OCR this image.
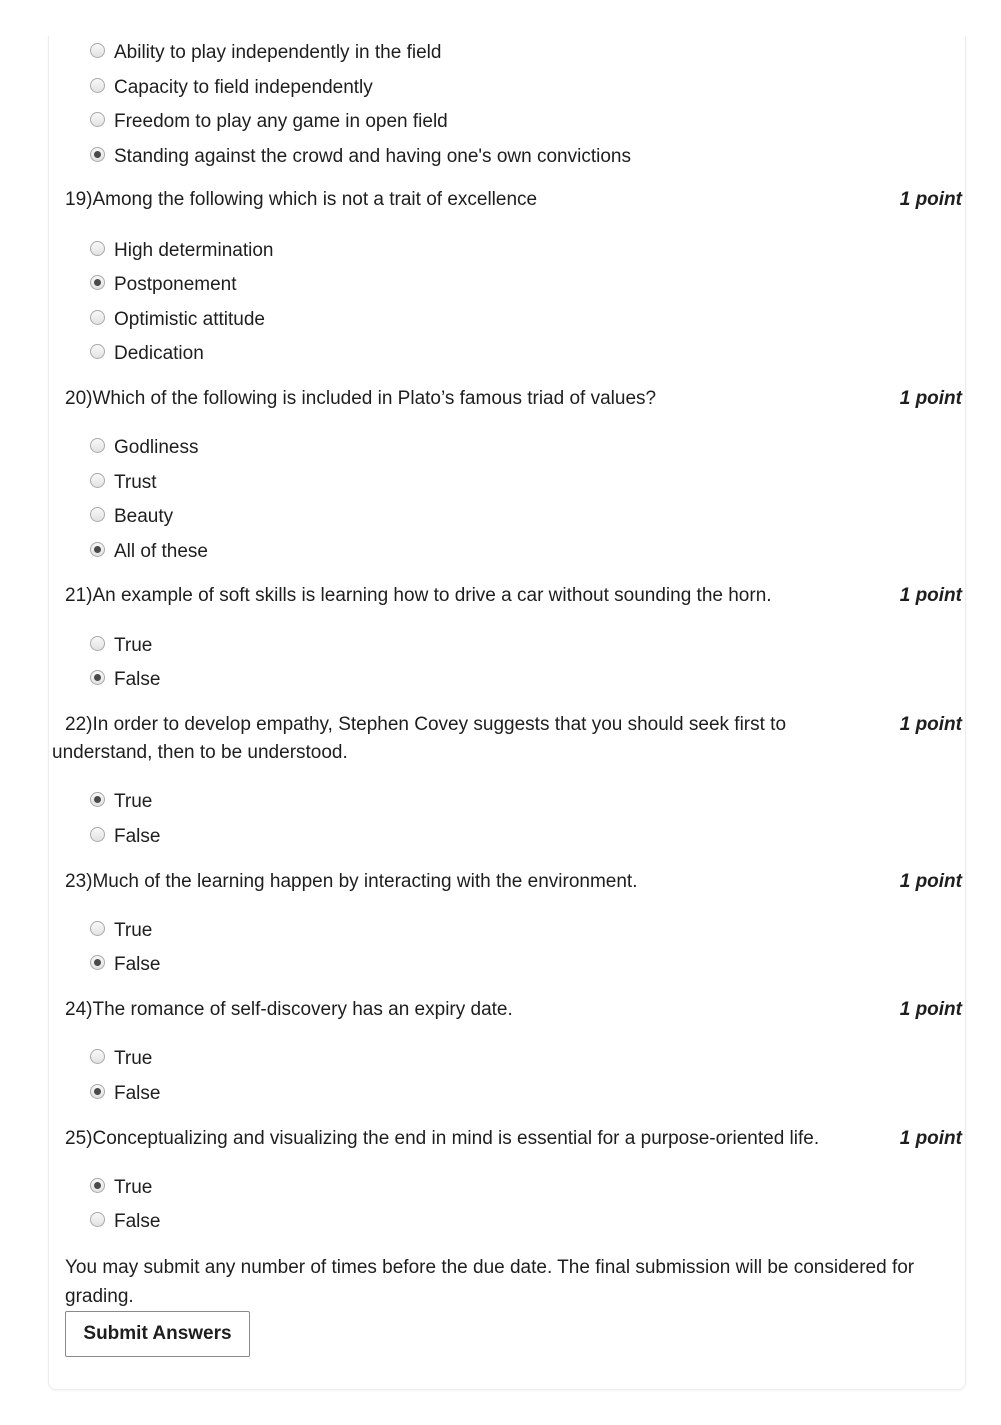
Ability to play independently in the field
Capacity to field independently
Freedom to play any game in open field
Standing against the crowd and having one's own convictions
19)Among the following which is not a trait of excellence	1 point
High determination
Postponement
Optimistic attitude
Dedication
20)Which of the following is included in Plato’s famous triad of values?	1 point
Godliness
Trust
Beauty
All of these
21)An example of soft skills is learning how to drive a car without sounding the horn.	1 point
True
False
22)In order to develop empathy, Stephen Covey suggests that you should seek first to understand, then to be understood.
1 point
True
False
23)Much of the learning happen by interacting with the environment.	1 point
True
False
24)The romance of self-discovery has an expiry date.	1 point
True
False
25)Conceptualizing and visualizing the end in mind is essential for a purpose-oriented life.	1 point
True
False
You may submit any number of times before the due date. The final submission will be considered for grading.
Submit Answers
